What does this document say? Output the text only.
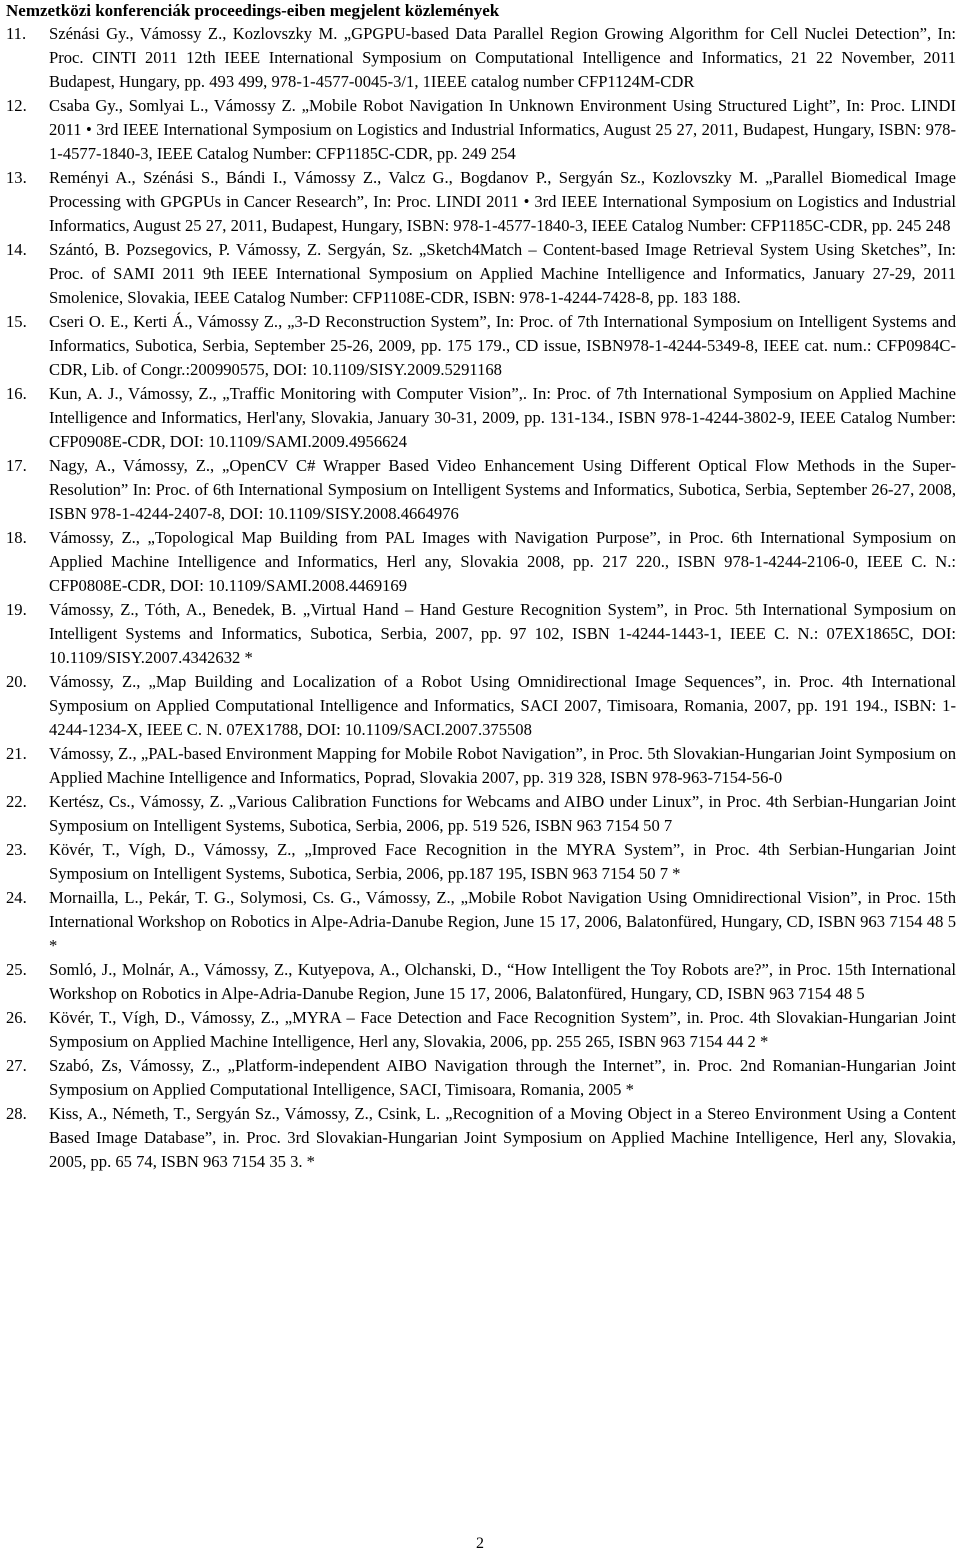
Nemzetközi konferenciák proceedings-eiben megjelent közlemények
11. Szénási Gy., Vámossy Z., Kozlovszky M. „GPGPU-based Data Parallel Region Growing Algorithm for Cell Nuclei Detection”, In: Proc. CINTI 2011 12th IEEE International Symposium on Computational Intelligence and Informatics, 21 22 November, 2011 Budapest, Hungary, pp. 493 499, 978-1-4577-0045-3/1, 1IEEE catalog number CFP1124M-CDR
12. Csaba Gy., Somlyai L., Vámossy Z. „Mobile Robot Navigation In Unknown Environment Using Structured Light”, In: Proc. LINDI 2011 • 3rd IEEE International Symposium on Logistics and Industrial Informatics, August 25 27, 2011, Budapest, Hungary, ISBN: 978-1-4577-1840-3, IEEE Catalog Number: CFP1185C-CDR, pp. 249 254
13. Reményi A., Szénási S., Bándi I., Vámossy Z., Valcz G., Bogdanov P., Sergyán Sz., Kozlovszky M. „Parallel Biomedical Image Processing with GPGPUs in Cancer Research”, In: Proc. LINDI 2011 • 3rd IEEE International Symposium on Logistics and Industrial Informatics, August 25 27, 2011, Budapest, Hungary, ISBN: 978-1-4577-1840-3, IEEE Catalog Number: CFP1185C-CDR, pp. 245 248
14. Szántó, B. Pozsegovics, P. Vámossy, Z. Sergyán, Sz. „Sketch4Match – Content-based Image Retrieval System Using Sketches”, In: Proc. of SAMI 2011 9th IEEE International Symposium on Applied Machine Intelligence and Informatics, January 27-29, 2011 Smolenice, Slovakia, IEEE Catalog Number: CFP1108E-CDR, ISBN: 978-1-4244-7428-8, pp. 183 188.
15. Cseri O. E., Kerti Á., Vámossy Z., „3-D Reconstruction System”, In: Proc. of 7th International Symposium on Intelligent Systems and Informatics, Subotica, Serbia, September 25-26, 2009, pp. 175 179., CD issue, ISBN978-1-4244-5349-8, IEEE cat. num.: CFP0984C-CDR, Lib. of Congr.:200990575, DOI: 10.1109/SISY.2009.5291168
16. Kun, A. J., Vámossy, Z., „Traffic Monitoring with Computer Vision”,. In: Proc. of 7th International Symposium on Applied Machine Intelligence and Informatics, Herl'any, Slovakia, January 30-31, 2009, pp. 131-134., ISBN 978-1-4244-3802-9, IEEE Catalog Number: CFP0908E-CDR, DOI: 10.1109/SAMI.2009.4956624
17. Nagy, A., Vámossy, Z., „OpenCV C# Wrapper Based Video Enhancement Using Different Optical Flow Methods in the Super-Resolution” In: Proc. of 6th International Symposium on Intelligent Systems and Informatics, Subotica, Serbia, September 26-27, 2008, ISBN 978-1-4244-2407-8, DOI: 10.1109/SISY.2008.4664976
18. Vámossy, Z., „Topological Map Building from PAL Images with Navigation Purpose”, in Proc. 6th International Symposium on Applied Machine Intelligence and Informatics, Herl any, Slovakia 2008, pp. 217 220., ISBN 978-1-4244-2106-0, IEEE C. N.: CFP0808E-CDR, DOI: 10.1109/SAMI.2008.4469169
19. Vámossy, Z., Tóth, A., Benedek, B. „Virtual Hand – Hand Gesture Recognition System”, in Proc. 5th International Symposium on Intelligent Systems and Informatics, Subotica, Serbia, 2007, pp. 97 102, ISBN 1-4244-1443-1, IEEE C. N.: 07EX1865C, DOI: 10.1109/SISY.2007.4342632 *
20. Vámossy, Z., „Map Building and Localization of a Robot Using Omnidirectional Image Sequences”, in. Proc. 4th International Symposium on Applied Computational Intelligence and Informatics, SACI 2007, Timisoara, Romania, 2007, pp. 191 194., ISBN: 1-4244-1234-X, IEEE C. N. 07EX1788, DOI: 10.1109/SACI.2007.375508
21. Vámossy, Z., „PAL-based Environment Mapping for Mobile Robot Navigation”, in Proc. 5th Slovakian-Hungarian Joint Symposium on Applied Machine Intelligence and Informatics, Poprad, Slovakia 2007, pp. 319 328, ISBN 978-963-7154-56-0
22. Kertész, Cs., Vámossy, Z. „Various Calibration Functions for Webcams and AIBO under Linux”, in Proc. 4th Serbian-Hungarian Joint Symposium on Intelligent Systems, Subotica, Serbia, 2006, pp. 519 526, ISBN 963 7154 50 7
23. Kövér, T., Vígh, D., Vámossy, Z., „Improved Face Recognition in the MYRA System”, in Proc. 4th Serbian-Hungarian Joint Symposium on Intelligent Systems, Subotica, Serbia, 2006, pp.187 195, ISBN 963 7154 50 7 *
24. Mornailla, L., Pekár, T. G., Solymosi, Cs. G., Vámossy, Z., „Mobile Robot Navigation Using Omnidirectional Vision”, in Proc. 15th International Workshop on Robotics in Alpe-Adria-Danube Region, June 15 17, 2006, Balatonfüred, Hungary, CD, ISBN 963 7154 48 5 *
25. Somló, J., Molnár, A., Vámossy, Z., Kutyepova, A., Olchanski, D., “How Intelligent the Toy Robots are?”, in Proc. 15th International Workshop on Robotics in Alpe-Adria-Danube Region, June 15 17, 2006, Balatonfüred, Hungary, CD, ISBN 963 7154 48 5
26. Kövér, T., Vígh, D., Vámossy, Z., „MYRA – Face Detection and Face Recognition System”, in. Proc. 4th Slovakian-Hungarian Joint Symposium on Applied Machine Intelligence, Herl any, Slovakia, 2006, pp. 255 265, ISBN 963 7154 44 2 *
27. Szabó, Zs, Vámossy, Z., „Platform-independent AIBO Navigation through the Internet”, in. Proc. 2nd Romanian-Hungarian Joint Symposium on Applied Computational Intelligence, SACI, Timisoara, Romania, 2005 *
28. Kiss, A., Németh, T., Sergyán Sz., Vámossy, Z., Csink, L. „Recognition of a Moving Object in a Stereo Environment Using a Content Based Image Database”, in. Proc. 3rd Slovakian-Hungarian Joint Symposium on Applied Machine Intelligence, Herl any, Slovakia, 2005, pp. 65 74, ISBN 963 7154 35 3. *
2
